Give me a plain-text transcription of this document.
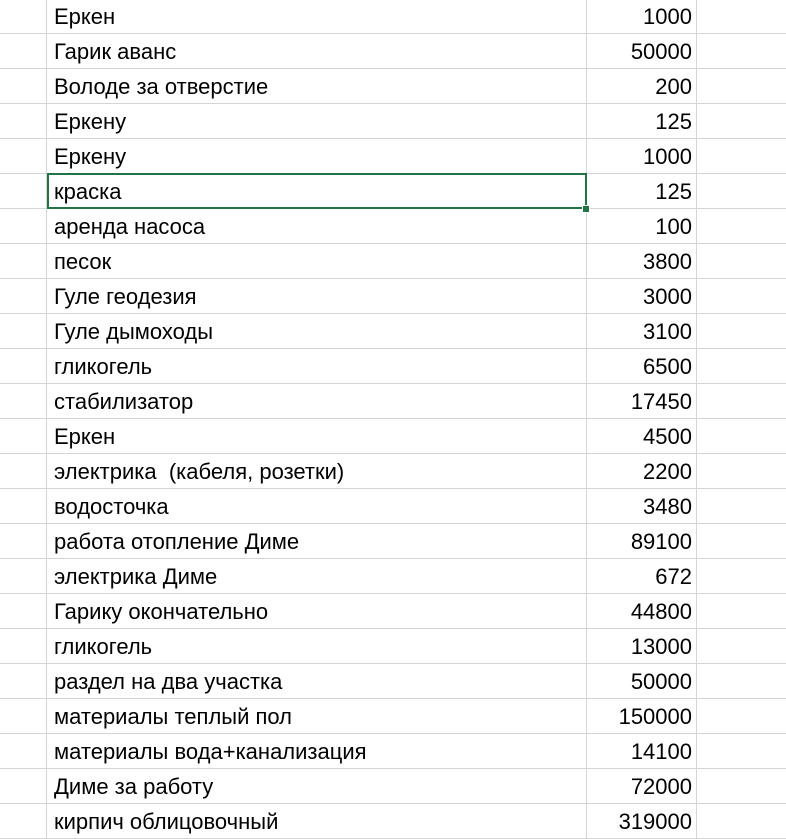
Еркен	1000
Гарик аванс	50000
Володе за отверстие	200
Еркену	125
Еркену	1000
краска	125
аренда насоса	100
песок	3800
Гуле геодезия	3000
Гуле дымоходы	3100
гликогель	6500
стабилизатор	17450
Еркен	4500
электрика  (кабеля, розетки)	2200
водосточка	3480
работа отопление Диме	89100
электрика Диме	672
Гарику окончательно	44800
гликогель	13000
раздел на два участка	50000
материалы теплый пол	150000
материалы вода+канализация	14100
Диме за работу	72000
кирпич облицовочный	319000
